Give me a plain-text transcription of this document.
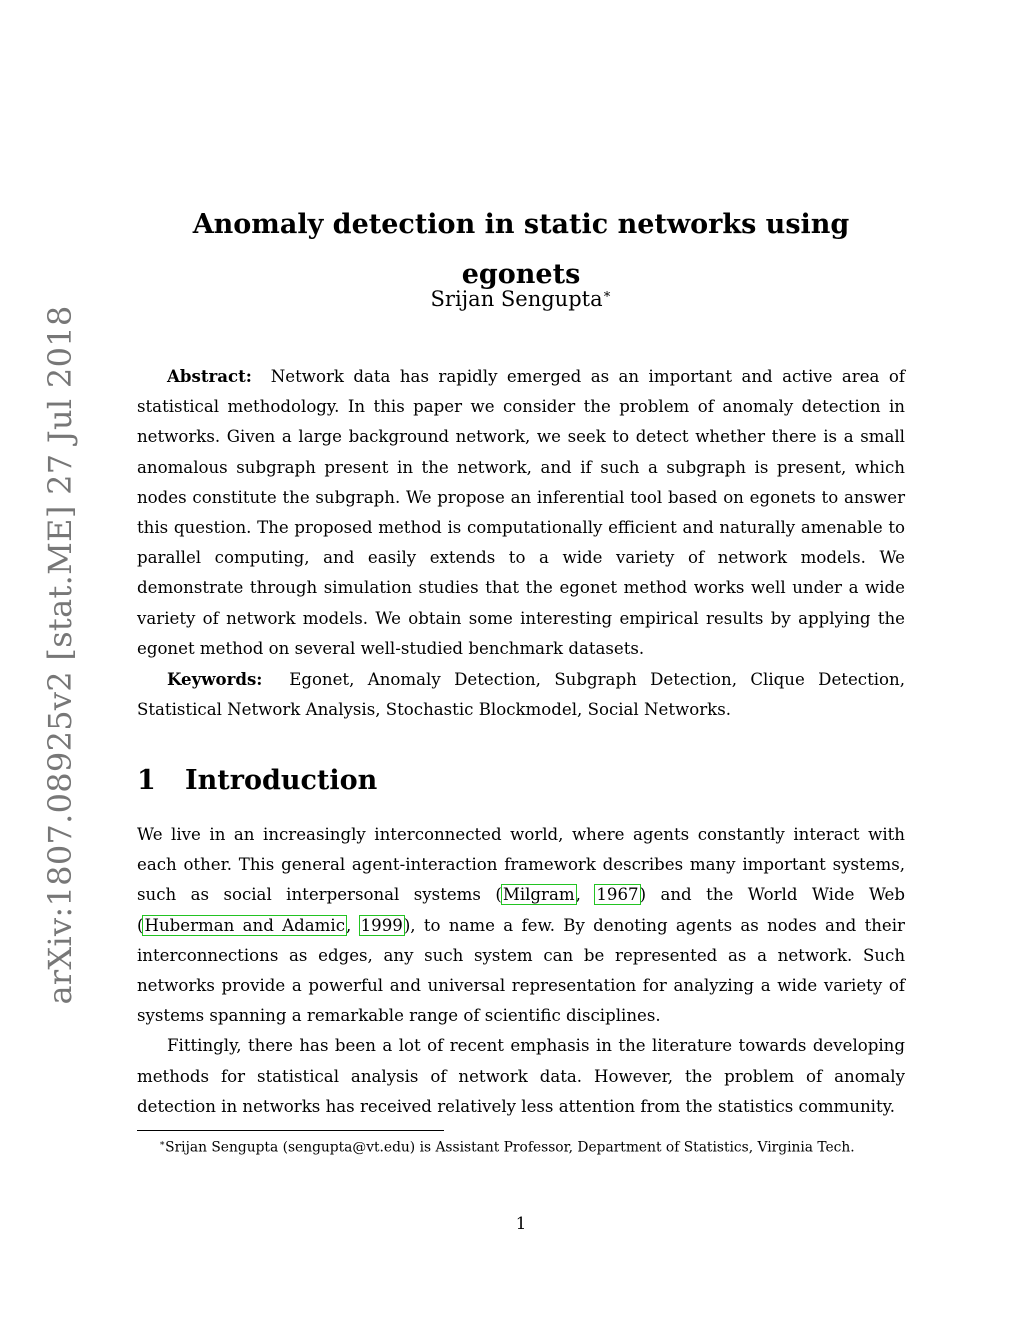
arXiv:1807.08925v2 [stat.ME] 27 Jul 2018
Anomaly detection in static networks using egonets
Srijan Sengupta∗

Abstract: Network data has rapidly emerged as an important and active area of statistical methodology. In this paper we consider the problem of anomaly detection in networks. Given a large background network, we seek to detect whether there is a small anomalous subgraph present in the network, and if such a subgraph is present, which nodes constitute the subgraph. We propose an inferential tool based on egonets to answer this question. The proposed method is computationally efficient and naturally amenable to parallel computing, and easily extends to a wide variety of network models. We demonstrate through simulation studies that the egonet method works well under a wide variety of network models. We obtain some interesting empirical results by applying the egonet method on several well-studied benchmark datasets.

Keywords: Egonet, Anomaly Detection, Subgraph Detection, Clique Detection, Statistical Network Analysis, Stochastic Blockmodel, Social Networks.

1 Introduction

We live in an increasingly interconnected world, where agents constantly interact with each other. This general agent-interaction framework describes many important systems, such as social interpersonal systems (Milgram, 1967) and the World Wide Web (Huberman and Adamic, 1999), to name a few. By denoting agents as nodes and their interconnections as edges, any such system can be represented as a network. Such networks provide a powerful and universal representation for analyzing a wide variety of systems spanning a remarkable range of scientific disciplines.

Fittingly, there has been a lot of recent emphasis in the literature towards developing methods for statistical analysis of network data. However, the problem of anomaly detection in networks has received relatively less attention from the statistics community.

∗Srijan Sengupta (sengupta@vt.edu) is Assistant Professor, Department of Statistics, Virginia Tech.
1
